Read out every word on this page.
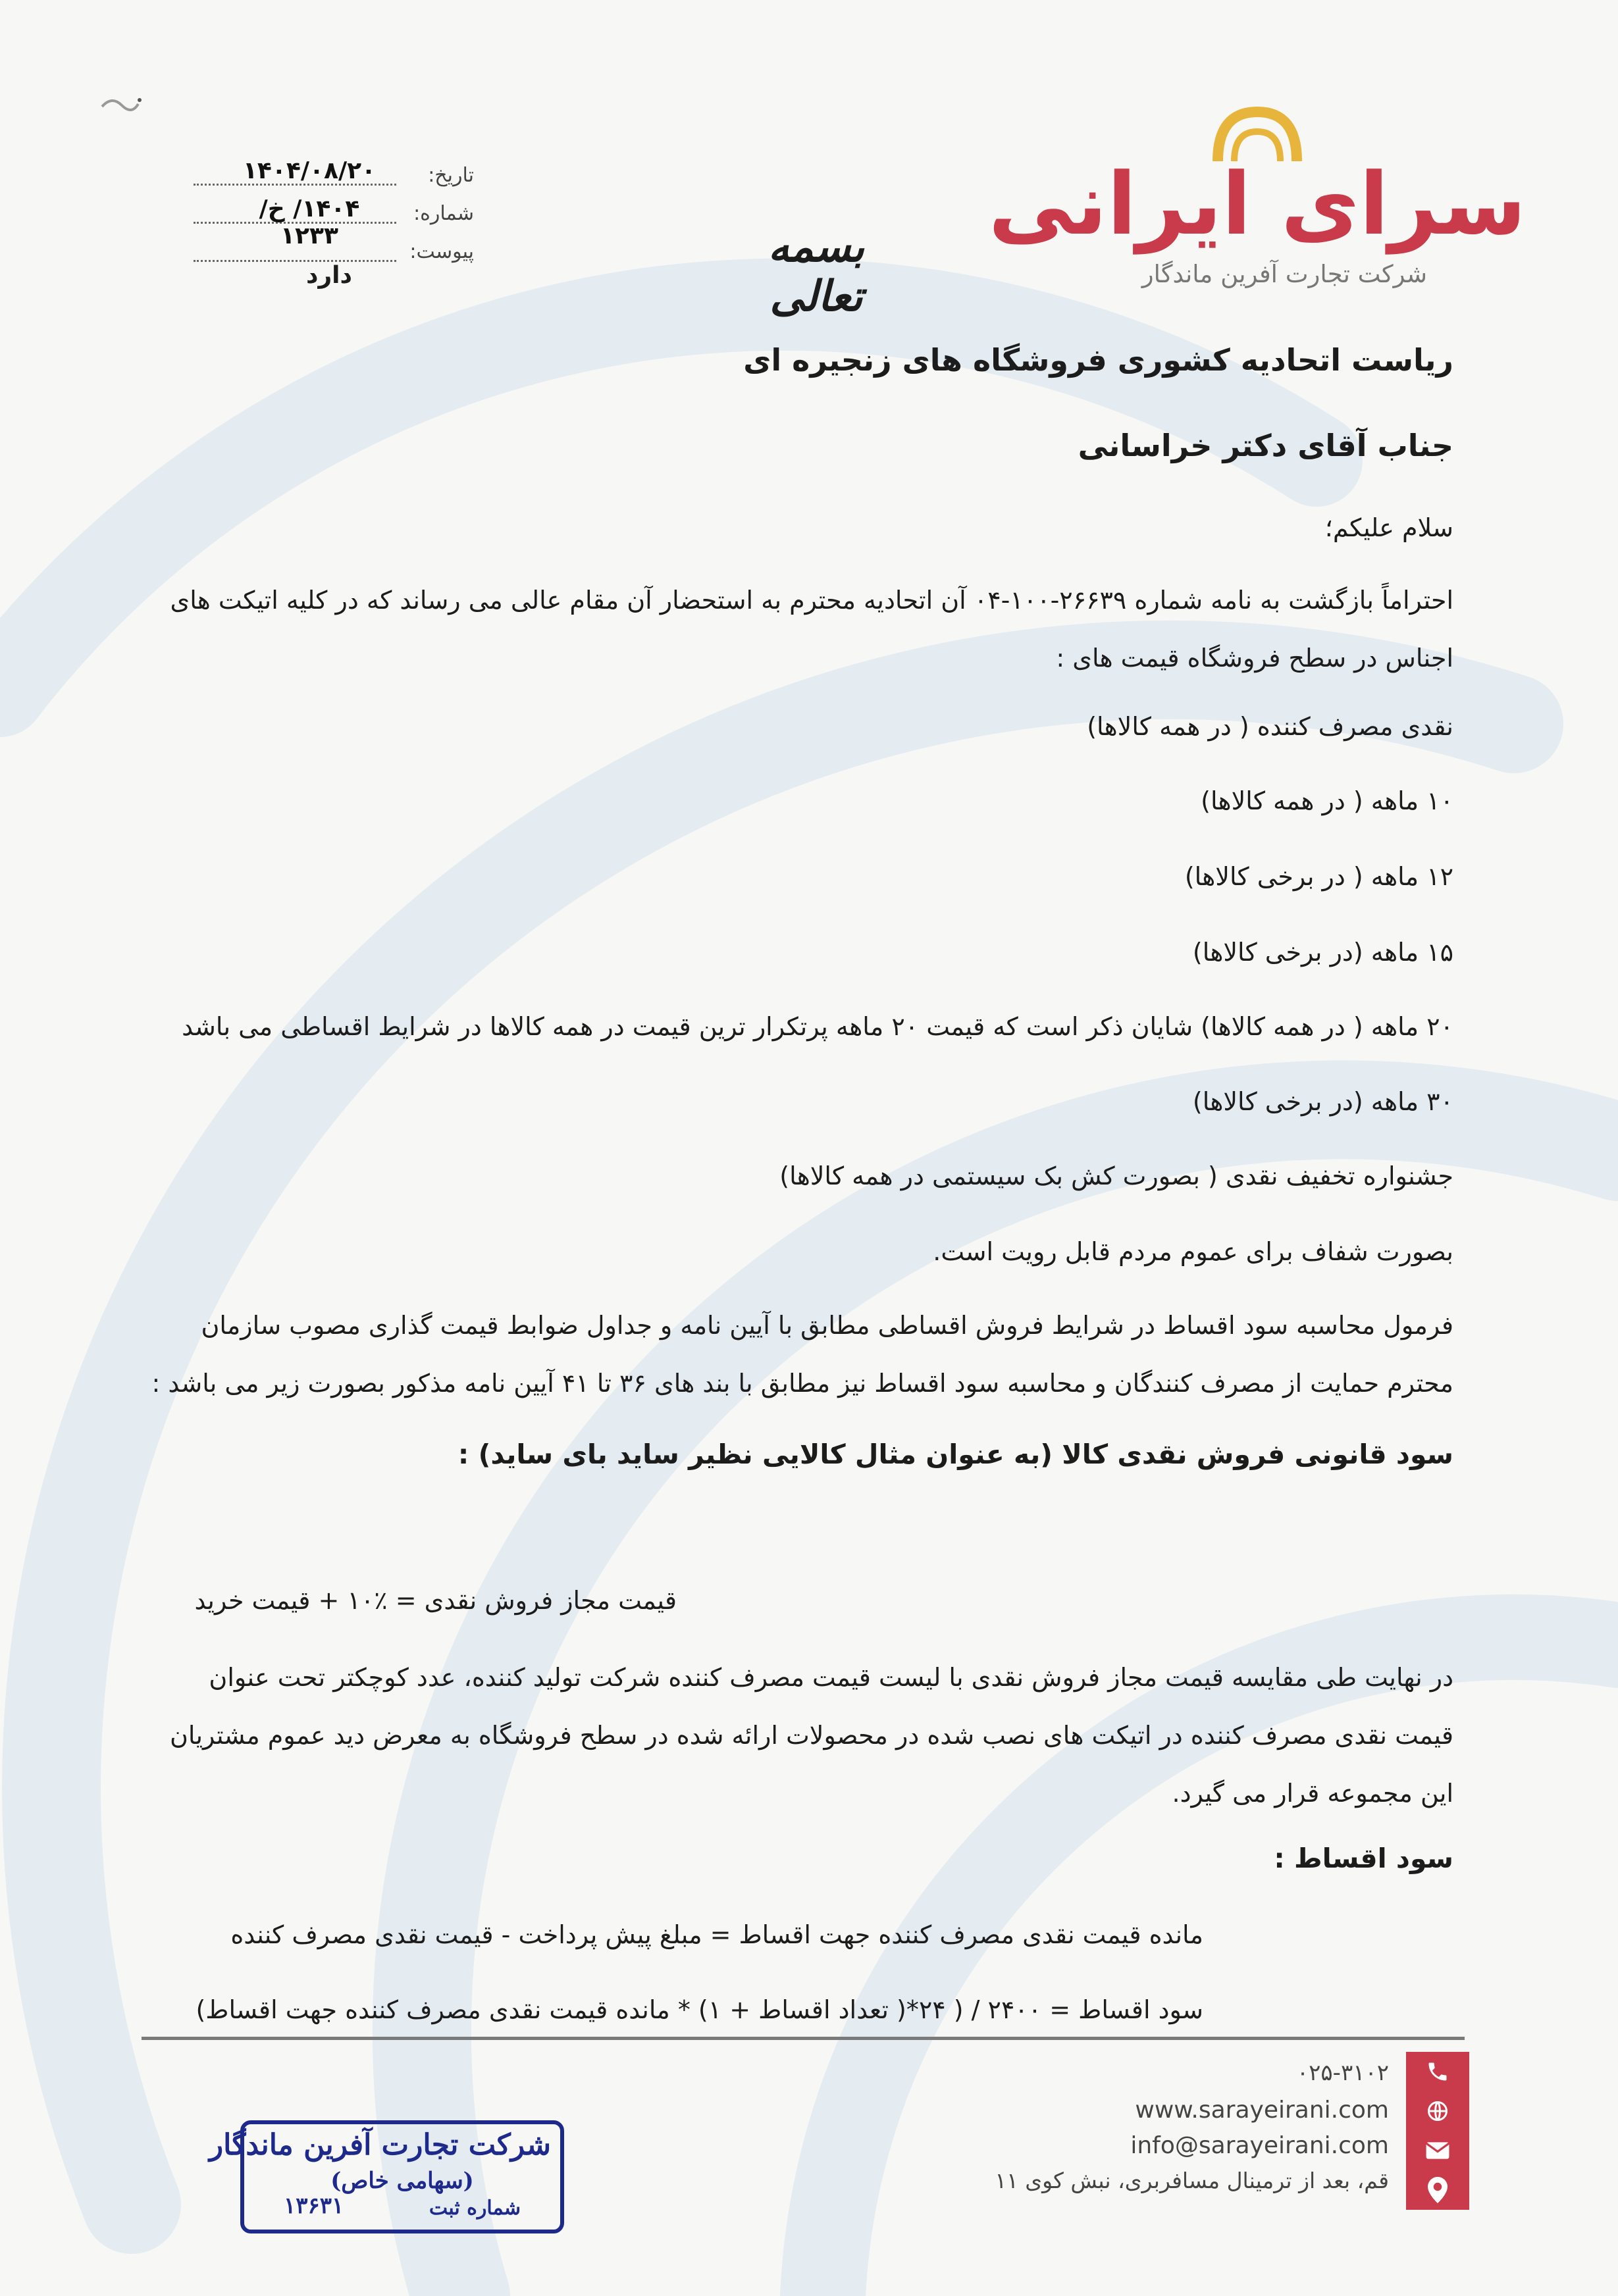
سرای ایرانی
شرکت تجارت آفرین ماندگار
تاریخ:
۱۴۰۴/۰۸/۲۰
شماره:
پیوست:
۱۴۰۴/ خ/ ۱۲۳۳
دارد
بسمه تعالی
ریاست اتحادیه کشوری فروشگاه های زنجیره ای
جناب آقای دکتر خراسانی
سلام علیکم؛
احتراماً بازگشت به نامه شماره ۲۶۶۳۹-۱۰۰-۰۴ آن اتحادیه محترم به استحضار آن مقام عالی می رساند که در کلیه اتیکت های اجناس در سطح فروشگاه قیمت های :
نقدی مصرف کننده ( در همه کالاها)
۱۰ ماهه ( در همه کالاها)
۱۲ ماهه ( در برخی کالاها)
۱۵ ماهه (در برخی کالاها)
۲۰ ماهه ( در همه کالاها) شایان ذکر است که قیمت ۲۰ ماهه پرتکرار ترین قیمت در همه کالاها در شرایط اقساطی می باشد
۳۰ ماهه (در برخی کالاها)
جشنواره تخفیف نقدی ( بصورت کش بک سیستمی در همه کالاها)
بصورت شفاف برای عموم مردم قابل رویت است.
فرمول محاسبه سود اقساط در شرایط فروش اقساطی مطابق با آیین نامه و جداول ضوابط قیمت گذاری مصوب سازمان محترم حمایت از مصرف کنندگان و محاسبه سود اقساط نیز مطابق با بند های ۳۶ تا ۴۱ آیین نامه مذکور بصورت زیر می باشد :
سود قانونی فروش نقدی کالا (به عنوان مثال کالایی نظیر ساید بای ساید) :
قیمت مجاز فروش نقدی = ٪۱۰ + قیمت خرید
در نهایت طی مقایسه قیمت مجاز فروش نقدی با لیست قیمت مصرف کننده شرکت تولید کننده، عدد کوچکتر تحت عنوان قیمت نقدی مصرف کننده در اتیکت های نصب شده در محصولات ارائه شده در سطح فروشگاه به معرض دید عموم مشتریان این مجموعه قرار می گیرد.
سود اقساط :
مانده قیمت نقدی مصرف کننده جهت اقساط = مبلغ پیش پرداخت - قیمت نقدی مصرف کننده
سود اقساط = ۲۴۰۰ / ( ۲۴*( تعداد اقساط + ۱) * مانده قیمت نقدی مصرف کننده جهت اقساط)
۰۲۵-۳۱۰۲
www.sarayeirani.com
info@sarayeirani.com
قم، بعد از ترمینال مسافربری، نبش کوی ۱۱
شرکت تجارت آفرین ماندگار
(سهامی خاص)
شماره ثبت
۱۳۶۳۱
